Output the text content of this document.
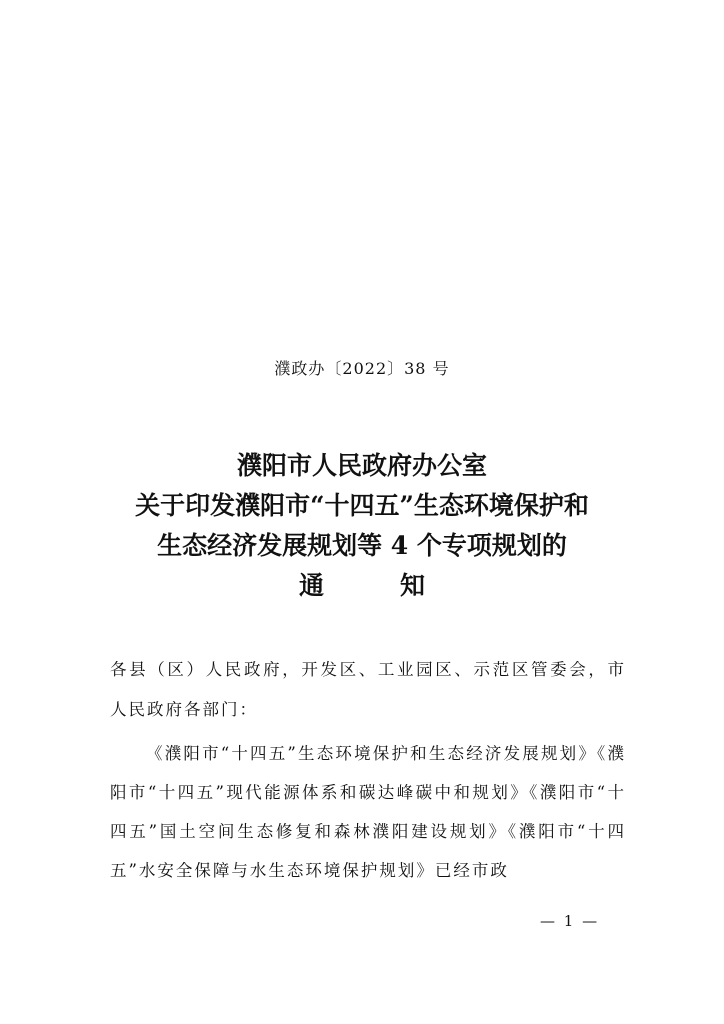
濮政办〔2022〕38 号
濮阳市人民政府办公室
关于印发濮阳市“十四五”生态环境保护和
生态经济发展规划等 4 个专项规划的
通	知
各县（区）人民政府，开发区、工业园区、示范区管委会，市人民政府各部门：
《濮阳市“十四五”生态环境保护和生态经济发展规划》《濮阳市“十四五”现代能源体系和碳达峰碳中和规划》《濮阳市“十四五”国土空间生态修复和森林濮阳建设规划》《濮阳市“十四五”水安全保障与水生态环境保护规划》已经市政
— 1 —
